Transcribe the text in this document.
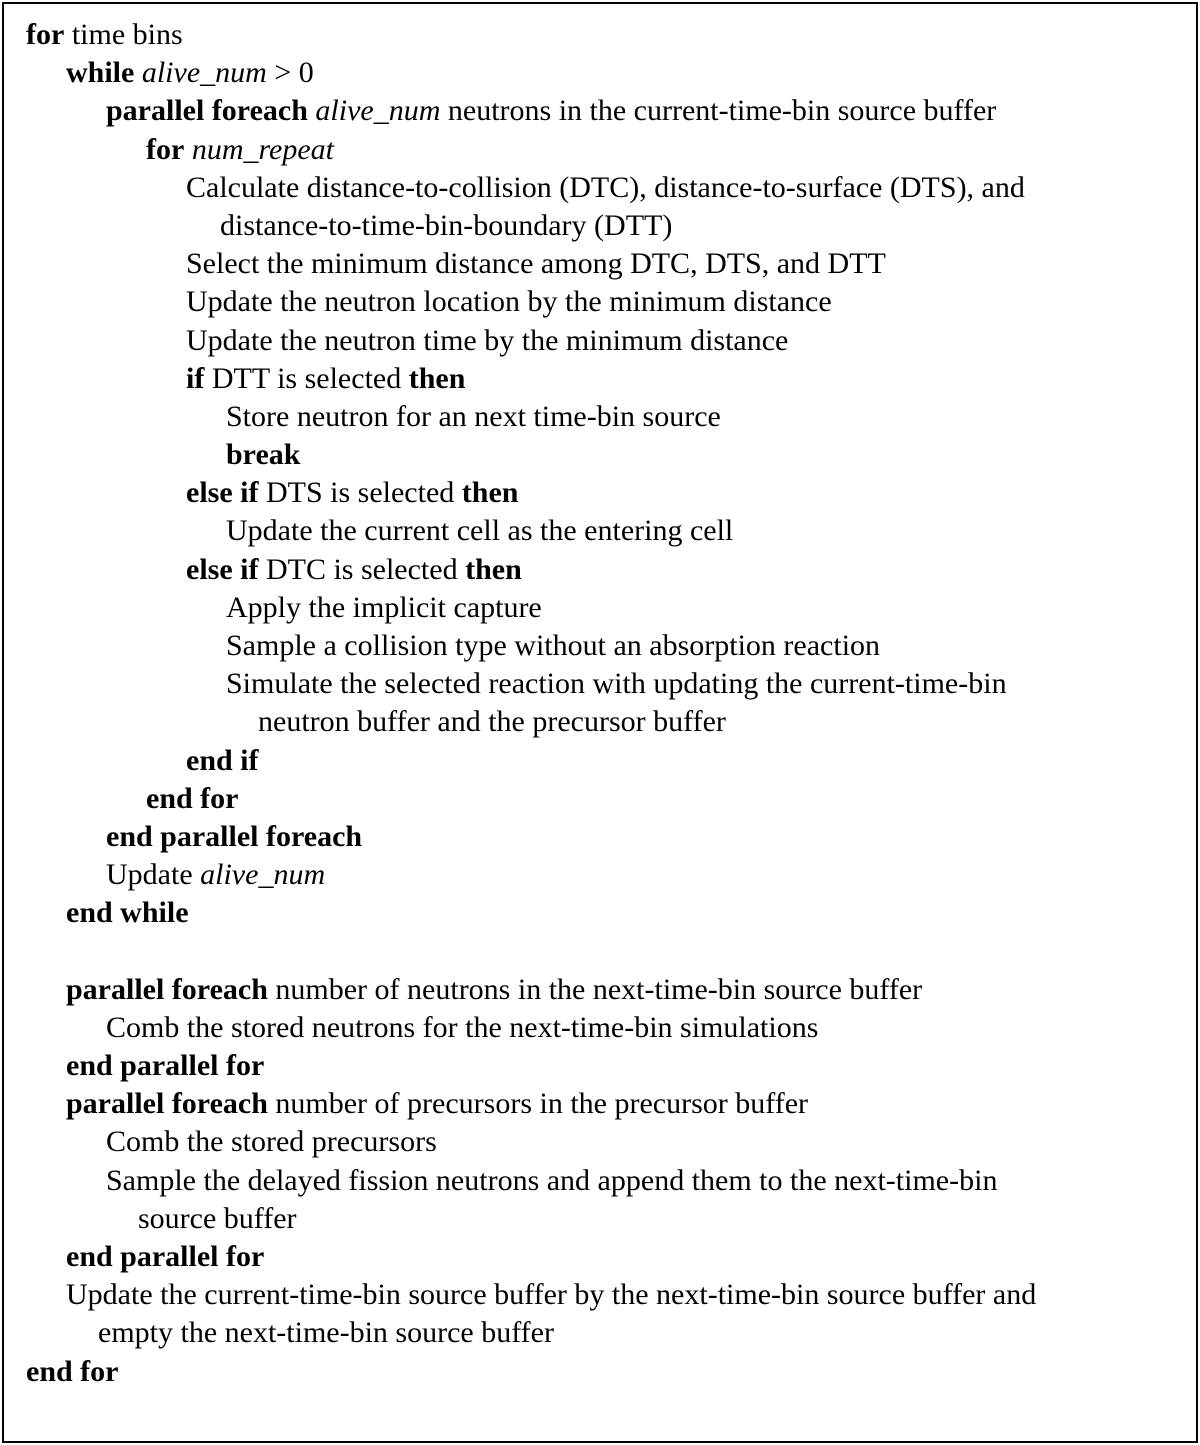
for time bins
while alive_num > 0
parallel foreach alive_num neutrons in the current-time-bin source buffer
for num_repeat
Calculate distance-to-collision (DTC), distance-to-surface (DTS), and
distance-to-time-bin-boundary (DTT)
Select the minimum distance among DTC, DTS, and DTT
Update the neutron location by the minimum distance
Update the neutron time by the minimum distance
if DTT is selected then
Store neutron for an next time-bin source
break
else if DTS is selected then
Update the current cell as the entering cell
else if DTC is selected then
Apply the implicit capture
Sample a collision type without an absorption reaction
Simulate the selected reaction with updating the current-time-bin
neutron buffer and the precursor buffer
end if
end for
end parallel foreach
Update alive_num
end while
parallel foreach number of neutrons in the next-time-bin source buffer
Comb the stored neutrons for the next-time-bin simulations
end parallel for
parallel foreach number of precursors in the precursor buffer
Comb the stored precursors
Sample the delayed fission neutrons and append them to the next-time-bin
source buffer
end parallel for
Update the current-time-bin source buffer by the next-time-bin source buffer and
empty the next-time-bin source buffer
end for
